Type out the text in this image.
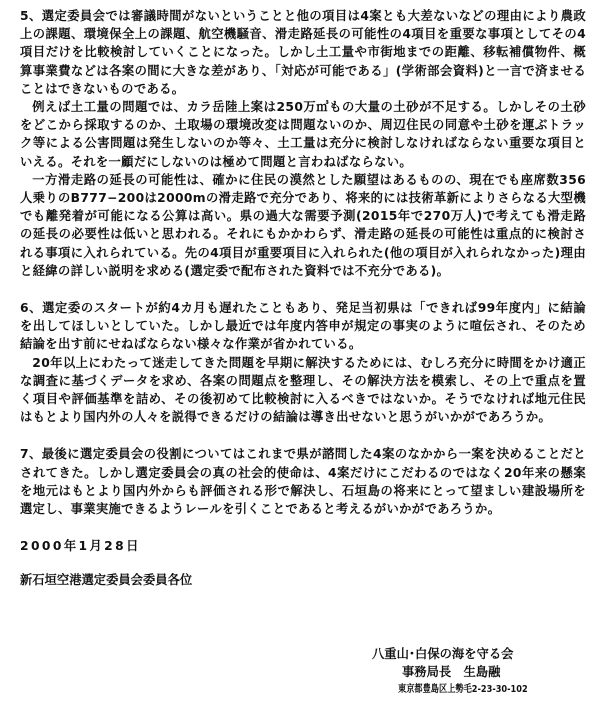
5、選定委員会では審議時間がないということと他の項目は4案とも大差ないなどの理由により農政上の課題、環境保全上の課題、航空機騒音、滑走路延長の可能性の4項目を重要な事項としてその4項目だけを比較検討していくことになった。しかし土工量や市街地までの距離、移転補償物件、概算事業費などは各案の間に大きな差があり、「対応が可能である」(学術部会資料)と一言で済ませることはできないものである。

例えば土工量の問題では、カラ岳陸上案は250万㎥もの大量の土砂が不足する。しかしその土砂をどこから採取するのか、土取場の環境改変は問題ないのか、周辺住民の同意や土砂を運ぶトラック等による公害問題は発生しないのか等々、土工量は充分に検討しなければならない重要な項目といえる。それを一顧だにしないのは極めて問題と言わねばならない。

一方滑走路の延長の可能性は、確かに住民の漠然とした願望はあるものの、現在でも座席数356人乗りのB777−200は2000mの滑走路で充分であり、将来的には技術革新によりさらなる大型機でも離発着が可能になる公算は高い。県の過大な需要予測(2015年で270万人)で考えても滑走路の延長の必要性は低いと思われる。それにもかかわらず、滑走路の延長の可能性は重点的に検討される事項に入れられている。先の4項目が重要項目に入れられた(他の項目が入れられなかった)理由と経緯の詳しい説明を求める(選定委で配布された資料では不充分である)。

6、選定委のスタートが約4カ月も遅れたこともあり、発足当初県は「できれば99年度内」に結論を出してほしいとしていた。しかし最近では年度内答申が規定の事実のように喧伝され、そのため結論を出す前にせねばならない様々な作業が省かれている。

20年以上にわたって迷走してきた問題を早期に解決するためには、むしろ充分に時間をかけ適正な調査に基づくデータを求め、各案の問題点を整理し、その解決方法を模索し、その上で重点を置く項目や評価基準を詰め、その後初めて比較検討に入るべきではないか。そうでなければ地元住民はもとより国内外の人々を説得できるだけの結論は導き出せないと思うがいかがであろうか。

7、最後に選定委員会の役割についてはこれまで県が諮問した4案のなかから一案を決めることだとされてきた。しかし選定委員会の真の社会的使命は、4案だけにこだわるのではなく20年来の懸案を地元はもとより国内外からも評価される形で解決し、石垣島の将来にとって望ましい建設場所を選定し、事業実施できるようレールを引くことであると考えるがいかがであろうか。

2000年1月28日

新石垣空港選定委員会委員各位

八重山･白保の海を守る会

事務局長　生島融

東京都豊島区上勢毛2-23-30-102
